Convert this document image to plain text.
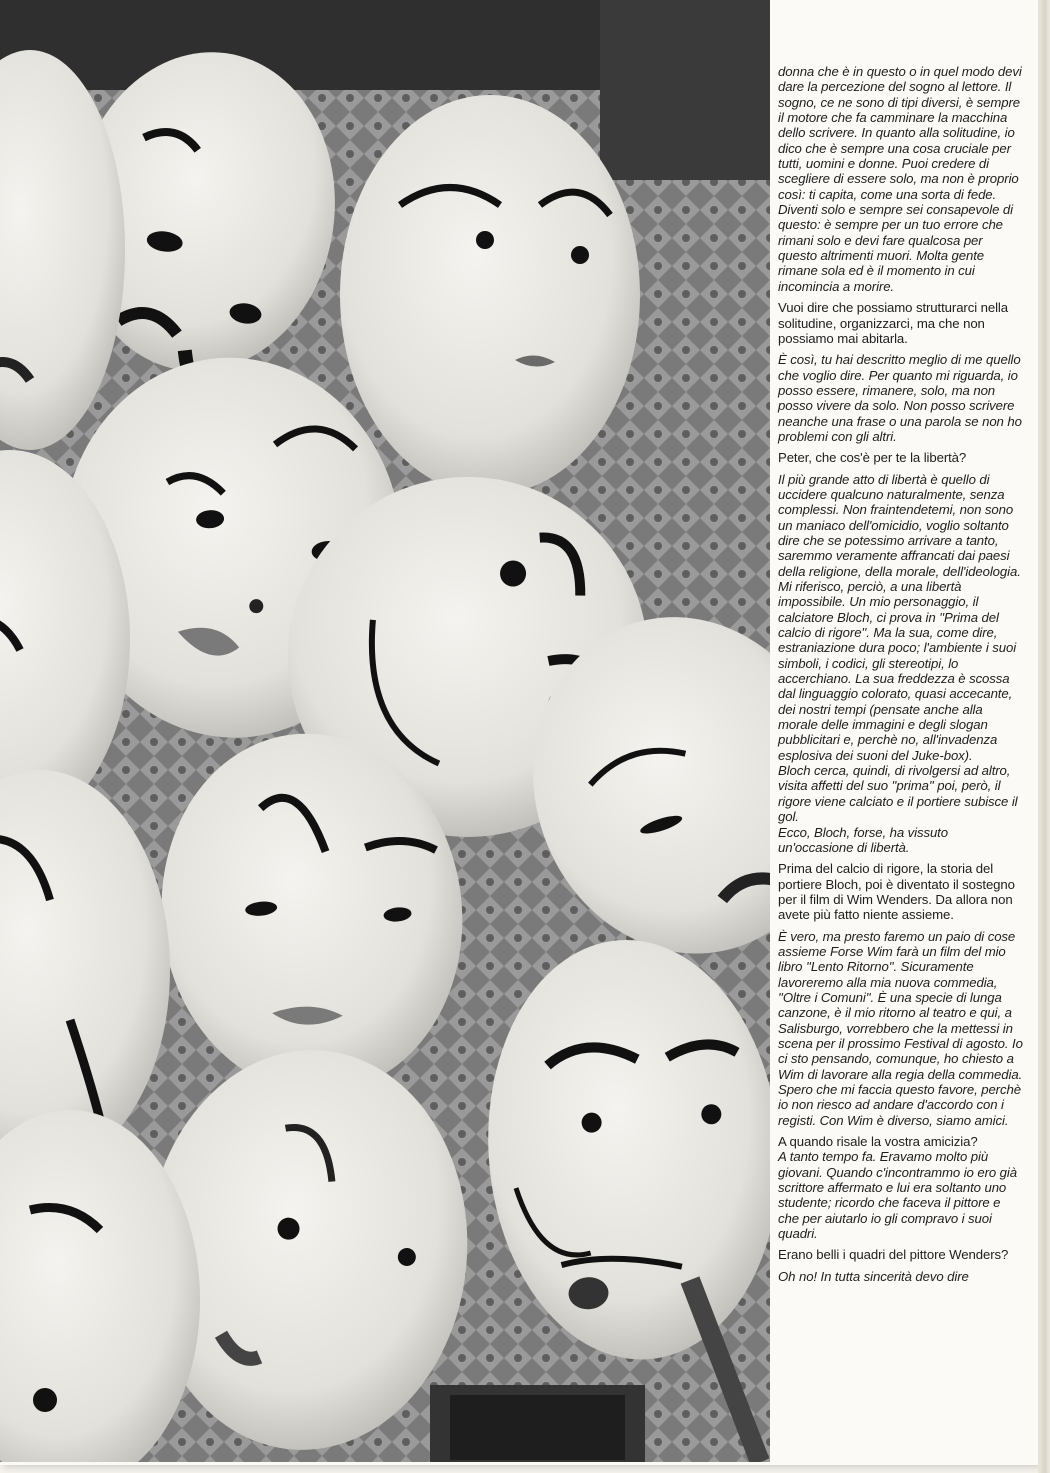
donna che è in questo o in quel modo devi dare la percezione del sogno al lettore. Il sogno, ce ne sono di tipi diversi, è sempre il motore che fa camminare la macchina dello scrivere. In quanto alla solitudine, io dico che è sempre una cosa cruciale per tutti, uomini e donne. Puoi credere di scegliere di essere solo, ma non è proprio così: ti capita, come una sorta di fede. Diventi solo e sempre sei consapevole di questo: è sempre per un tuo errore che rimani solo e devi fare qualcosa per questo altrimenti muori. Molta gente rimane sola ed è il momento in cui incomincia a morire.

Vuoi dire che possiamo strutturarci nella solitudine, organizzarci, ma che non possiamo mai abitarla.

È così, tu hai descritto meglio di me quello che voglio dire. Per quanto mi riguarda, io posso essere, rimanere, solo, ma non posso vivere da solo. Non posso scrivere neanche una frase o una parola se non ho problemi con gli altri.

Peter, che cos'è per te la libertà?

Il più grande atto di libertà è quello di uccidere qualcuno naturalmente, senza complessi. Non fraintendetemi, non sono un maniaco dell'omicidio, voglio soltanto dire che se potessimo arrivare a tanto, saremmo veramente affrancati dai paesi della religione, della morale, dell'ideologia. Mi riferisco, perciò, a una libertà impossibile. Un mio personaggio, il calciatore Bloch, ci prova in ''Prima del calcio di rigore''. Ma la sua, come dire, estraniazione dura poco; l'ambiente i suoi simboli, i codici, gli stereotipi, lo accerchiano. La sua freddezza è scossa dal linguaggio colorato, quasi accecante, dei nostri tempi (pensate anche alla morale delle immagini e degli slogan pubblicitari e, perchè no, all'invadenza esplosiva dei suoni del Juke-box).

Bloch cerca, quindi, di rivolgersi ad altro, visita affetti del suo ''prima'' poi, però, il rigore viene calciato e il portiere subisce il gol.

Ecco, Bloch, forse, ha vissuto un'occasione di libertà.

Prima del calcio di rigore, la storia del portiere Bloch, poi è diventato il sostegno per il film di Wim Wenders. Da allora non avete più fatto niente assieme.

È vero, ma presto faremo un paio di cose assieme Forse Wim farà un film del mio libro ''Lento Ritorno''. Sicuramente lavoreremo alla mia nuova commedia, ''Oltre i Comuni''. È una specie di lunga canzone, è il mio ritorno al teatro e qui, a Salisburgo, vorrebbero che la mettessi in scena per il prossimo Festival di agosto. Io ci sto pensando, comunque, ho chiesto a Wim di lavorare alla regia della commedia. Spero che mi faccia questo favore, perchè io non riesco ad andare d'accordo con i registi. Con Wim è diverso, siamo amici.

A quando risale la vostra amicizia?

A tanto tempo fa. Eravamo molto più giovani. Quando c'incontrammo io ero già scrittore affermato e lui era soltanto uno studente; ricordo che faceva il pittore e che per aiutarlo io gli compravo i suoi quadri.

Erano belli i quadri del pittore Wenders?

Oh no! In tutta sincerità devo dire
